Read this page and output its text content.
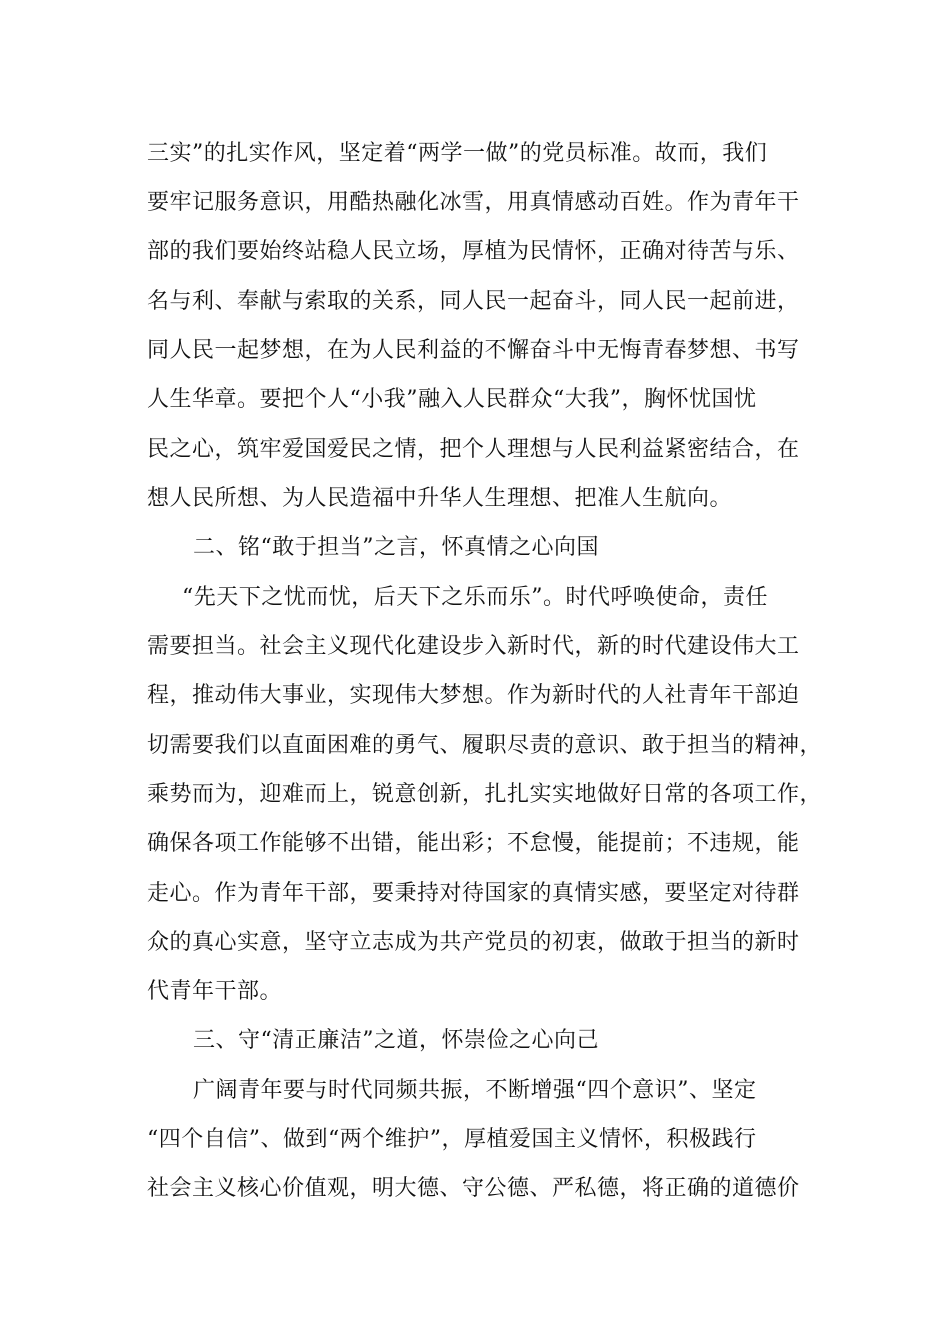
三实”的扎实作风，坚定着“两学一做”的党员标准。故而，我们
要牢记服务意识，用酷热融化冰雪，用真情感动百姓。作为青年干
部的我们要始终站稳人民立场，厚植为民情怀，正确对待苦与乐、
名与利、奉献与索取的关系，同人民一起奋斗，同人民一起前进，
同人民一起梦想，在为人民利益的不懈奋斗中无悔青春梦想、书写
人生华章。要把个人“小我”融入人民群众“大我”，胸怀忧国忧
民之心，筑牢爱国爱民之情，把个人理想与人民利益紧密结合，在
想人民所想、为人民造福中升华人生理想、把准人生航向。
二、铭“敢于担当”之言，怀真情之心向国
“先天下之忧而忧，后天下之乐而乐”。时代呼唤使命，责任
需要担当。社会主义现代化建设步入新时代，新的时代建设伟大工
程，推动伟大事业，实现伟大梦想。作为新时代的人社青年干部迫
切需要我们以直面困难的勇气、履职尽责的意识、敢于担当的精神，
乘势而为，迎难而上，锐意创新，扎扎实实地做好日常的各项工作，
确保各项工作能够不出错，能出彩；不怠慢，能提前；不违规，能
走心。作为青年干部，要秉持对待国家的真情实感，要坚定对待群
众的真心实意，坚守立志成为共产党员的初衷，做敢于担当的新时
代青年干部。
三、守“清正廉洁”之道，怀崇俭之心向己
广阔青年要与时代同频共振，不断增强“四个意识”、坚定
“四个自信”、做到“两个维护”，厚植爱国主义情怀，积极践行
社会主义核心价值观，明大德、守公德、严私德，将正确的道德价
